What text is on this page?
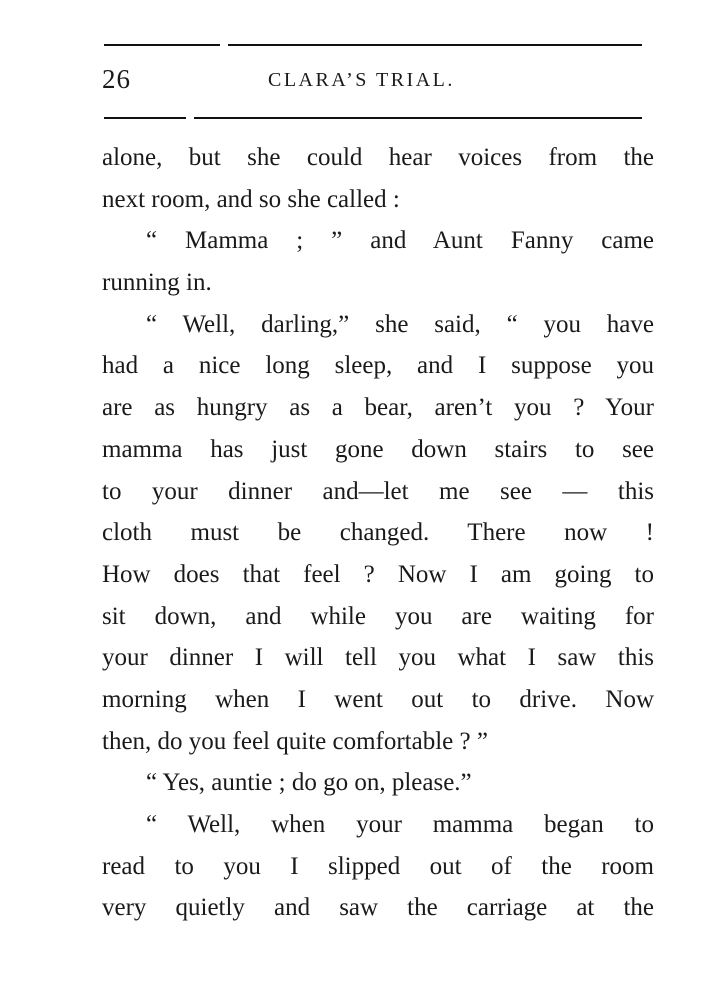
26	CLARA’S TRIAL.
alone, but she could hear voices from the
next room, and so she called :
“ Mamma ; ” and Aunt Fanny came
running in.
“ Well, darling,” she said, “ you have
had a nice long sleep, and I suppose you
are as hungry as a bear, aren’t you ? Your
mamma has just gone down stairs to see
to your dinner and—let me see — this
cloth must be changed. There now !
How does that feel ? Now I am going to
sit down, and while you are waiting for
your dinner I will tell you what I saw this
morning when I went out to drive. Now
then, do you feel quite comfortable ? ”
“ Yes, auntie ; do go on, please.”
“ Well, when your mamma began to
read to you I slipped out of the room
very quietly and saw the carriage at the
